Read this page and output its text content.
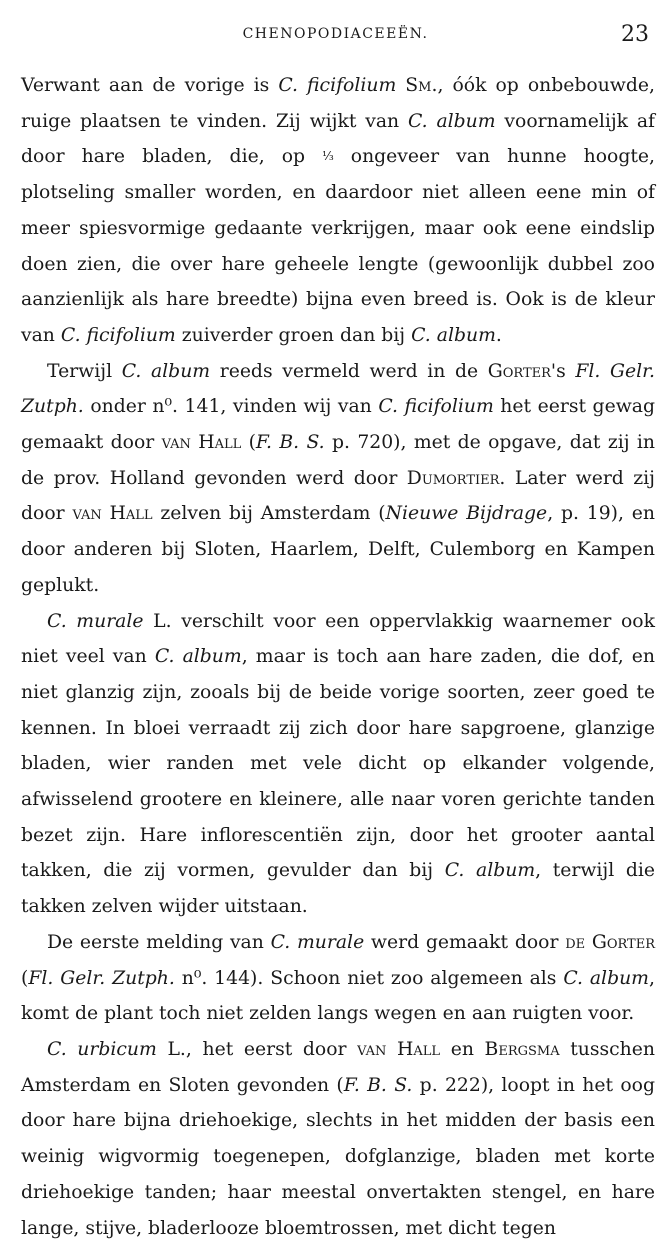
CHENOPODIACEEËN.	23

Verwant aan de vorige is C. ficifolium Sm., óók op onbebouwde, ruige plaatsen te vinden. Zij wijkt van C. album voornamelijk af door hare bladen, die, op ⅓ ongeveer van hunne hoogte, plotseling smaller worden, en daardoor niet alleen eene min of meer spiesvormige gedaante verkrijgen, maar ook eene eindslip doen zien, die over hare geheele lengte (gewoonlijk dubbel zoo aanzienlijk als hare breedte) bijna even breed is. Ook is de kleur van C. ficifolium zuiverder groen dan bij C. album.

Terwijl C. album reeds vermeld werd in de Gorter's Fl. Gelr. Zutph. onder n⁰. 141, vinden wij van C. ficifolium het eerst gewag gemaakt door van Hall (F. B. S. p. 720), met de opgave, dat zij in de prov. Holland gevonden werd door Dumortier. Later werd zij door van Hall zelven bij Amsterdam (Nieuwe Bijdrage, p. 19), en door anderen bij Sloten, Haarlem, Delft, Culemborg en Kampen geplukt.

C. murale L. verschilt voor een oppervlakkig waarnemer ook niet veel van C. album, maar is toch aan hare zaden, die dof, en niet glanzig zijn, zooals bij de beide vorige soorten, zeer goed te kennen. In bloei verraadt zij zich door hare sapgroene, glanzige bladen, wier randen met vele dicht op elkander volgende, afwisselend grootere en kleinere, alle naar voren gerichte tanden bezet zijn. Hare inflorescentiën zijn, door het grooter aantal takken, die zij vormen, gevulder dan bij C. album, terwijl die takken zelven wijder uitstaan.

De eerste melding van C. murale werd gemaakt door de Gorter (Fl. Gelr. Zutph. n⁰. 144). Schoon niet zoo algemeen als C. album, komt de plant toch niet zelden langs wegen en aan ruigten voor.

C. urbicum L., het eerst door van Hall en Bergsma tusschen Amsterdam en Sloten gevonden (F. B. S. p. 222), loopt in het oog door hare bijna driehoekige, slechts in het midden der basis een weinig wigvormig toegenepen, dofglanzige, bladen met korte driehoekige tanden; haar meestal onvertakten stengel, en hare lange, stijve, bladerlooze bloemtrossen, met dicht tegen
